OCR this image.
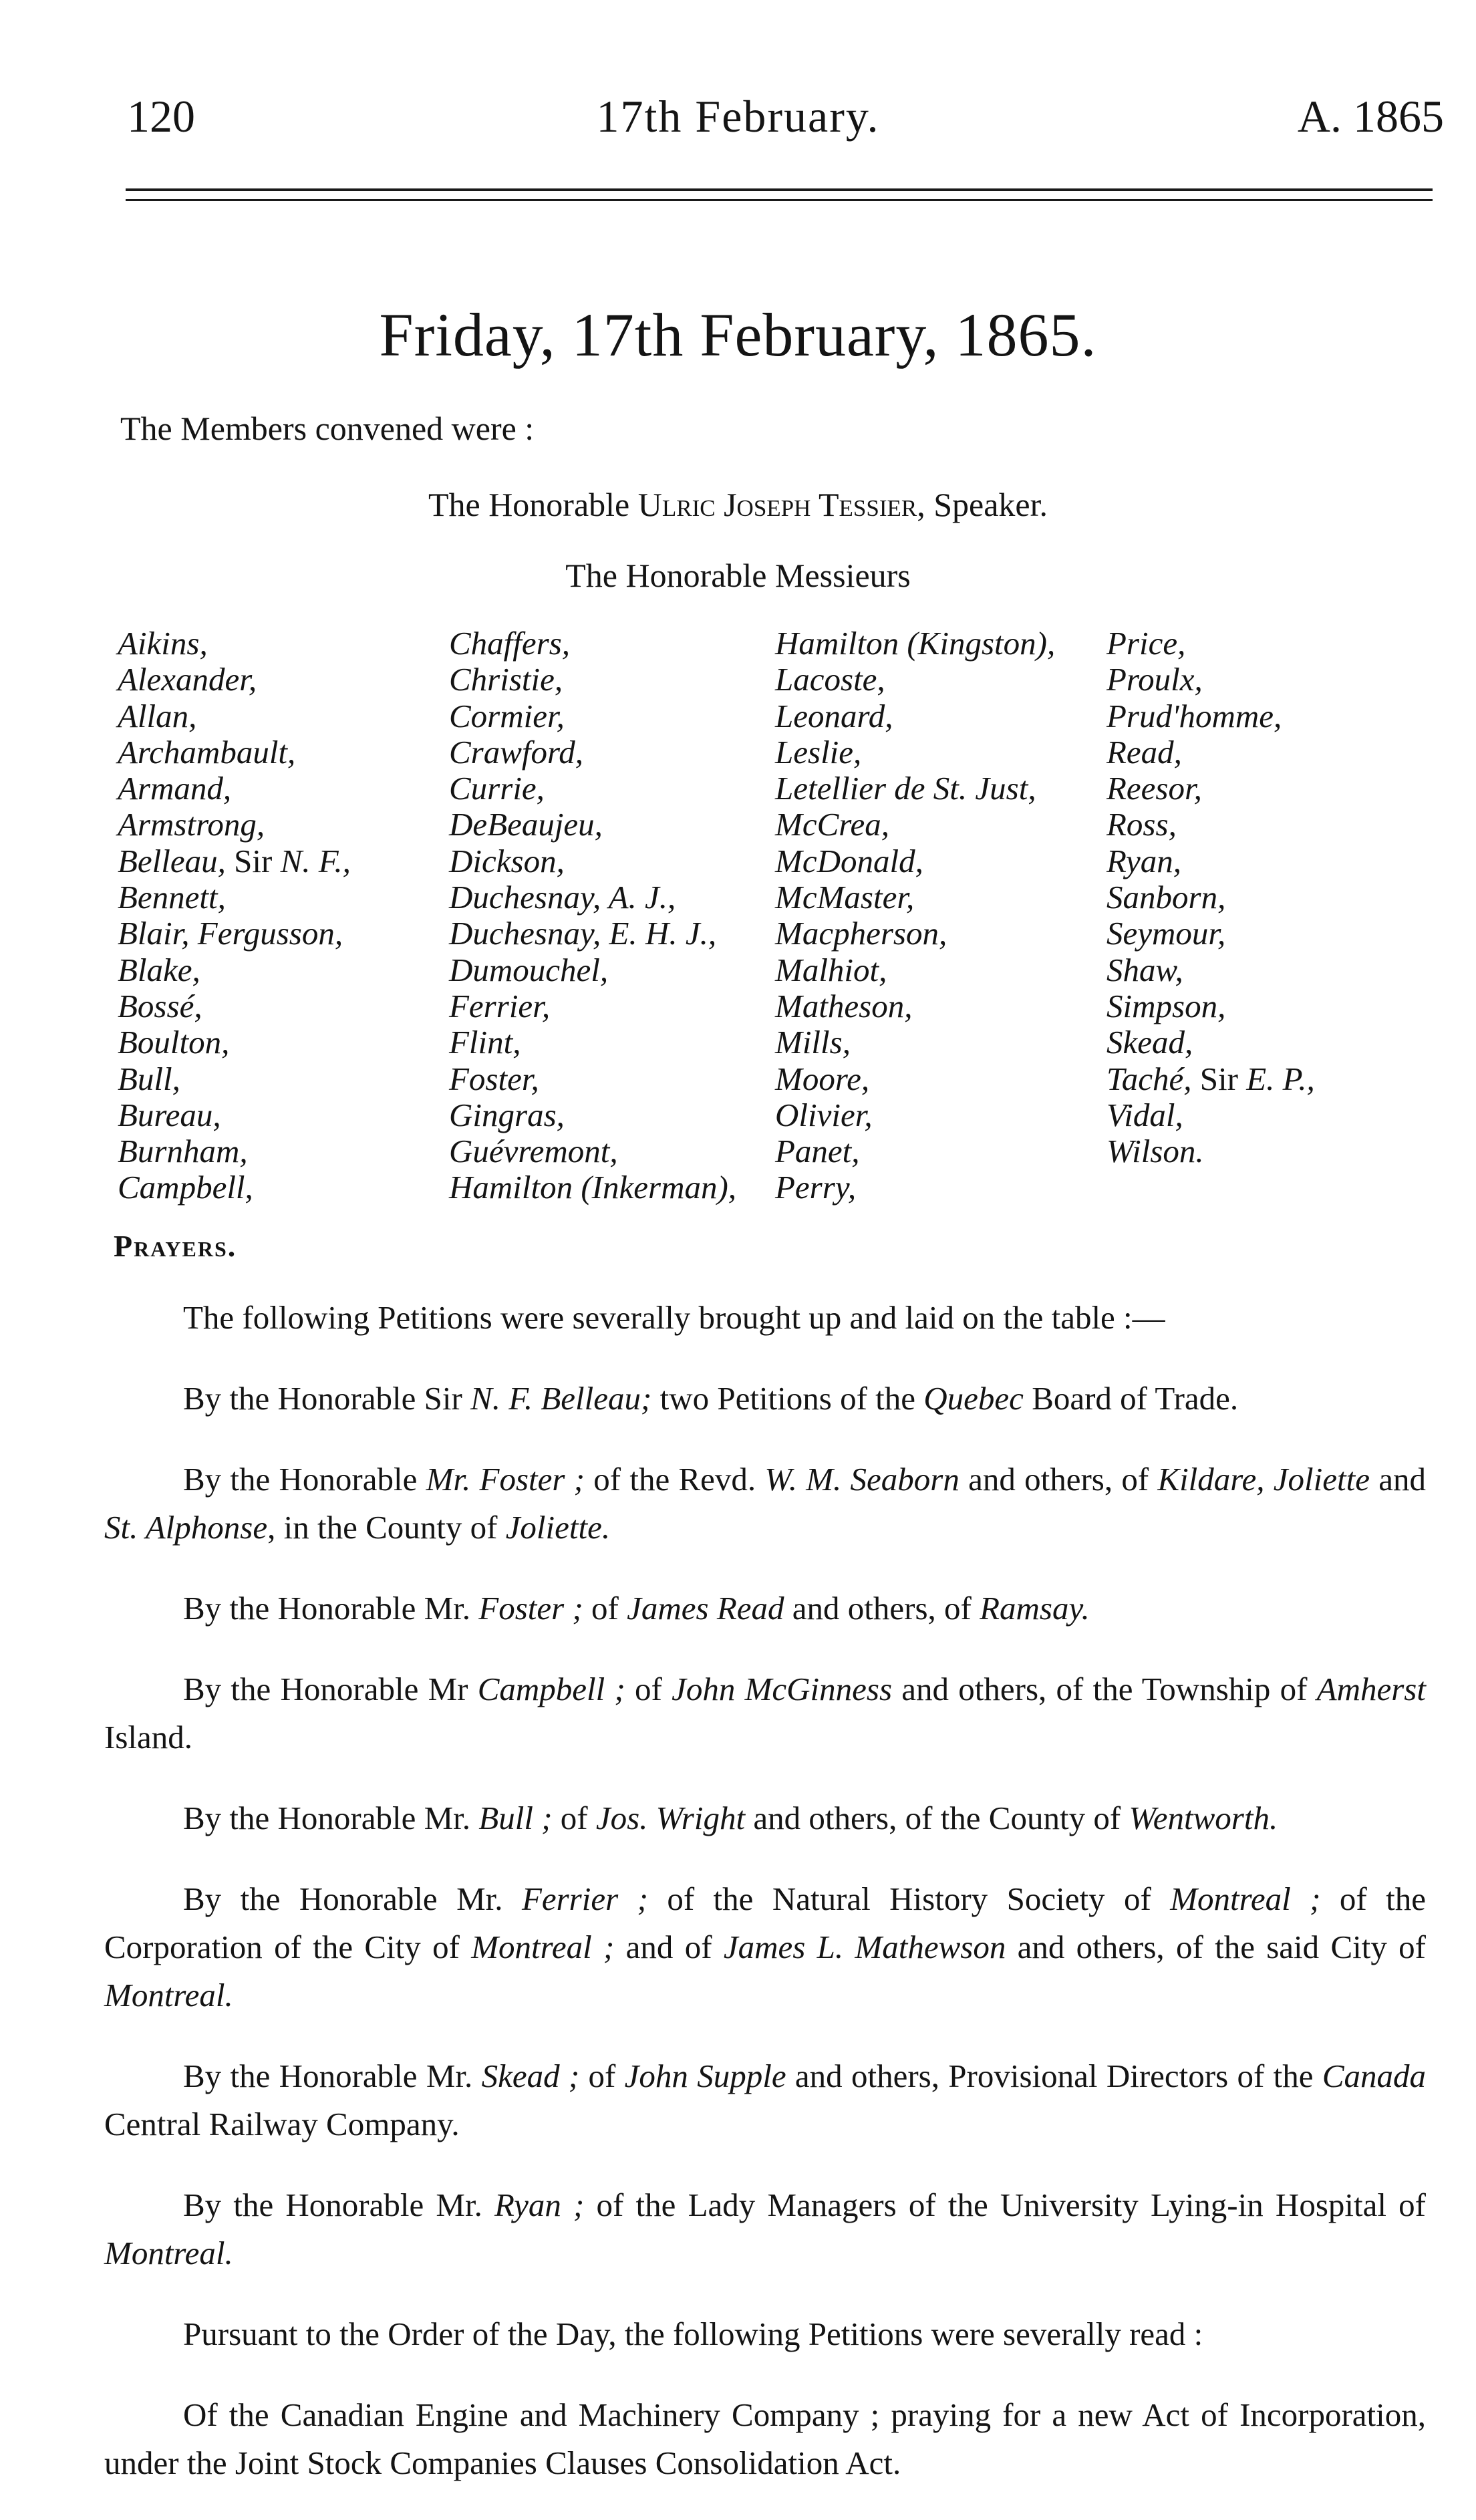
120	17th February.	A. 1865
Friday, 17th February, 1865.
The Members convened were :
The Honorable Ulric Joseph Tessier, Speaker.
The Honorable Messieurs
Aikins,
Alexander,
Allan,
Archambault,
Armand,
Armstrong,
Belleau, Sir N. F.,
Bennett,
Blair, Fergusson,
Blake,
Bossé,
Boulton,
Bull,
Bureau,
Burnham,
Campbell,
Chaffers,
Christie,
Cormier,
Crawford,
Currie,
DeBeaujeu,
Dickson,
Duchesnay, A. J.,
Duchesnay, E. H. J.,
Dumouchel,
Ferrier,
Flint,
Foster,
Gingras,
Guévremont,
Hamilton (Inkerman),
Hamilton (Kingston),
Lacoste,
Leonard,
Leslie,
Letellier de St. Just,
McCrea,
McDonald,
McMaster,
Macpherson,
Malhiot,
Matheson,
Mills,
Moore,
Olivier,
Panet,
Perry,
Price,
Proulx,
Prud'homme,
Read,
Reesor,
Ross,
Ryan,
Sanborn,
Seymour,
Shaw,
Simpson,
Skead,
Taché, Sir E. P.,
Vidal,
Wilson.
Prayers.

The following Petitions were severally brought up and laid on the table :—

By the Honorable Sir N. F. Belleau; two Petitions of the Quebec Board of Trade.

By the Honorable Mr. Foster ; of the Revd. W. M. Seaborn and others, of Kildare, Joliette and St. Alphonse, in the County of Joliette.

By the Honorable Mr. Foster ; of James Read and others, of Ramsay.

By the Honorable Mr Campbell ; of John McGinness and others, of the Township of Amherst Island.

By the Honorable Mr. Bull ; of Jos. Wright and others, of the County of Wentworth.

By the Honorable Mr. Ferrier ; of the Natural History Society of Montreal ; of the Corporation of the City of Montreal ; and of James L. Mathewson and others, of the said City of Montreal.

By the Honorable Mr. Skead ; of John Supple and others, Provisional Directors of the Canada Central Railway Company.

By the Honorable Mr. Ryan ; of the Lady Managers of the University Lying-in Hospital of Montreal.

Pursuant to the Order of the Day, the following Petitions were severally read :

Of the Canadian Engine and Machinery Company ; praying for a new Act of Incorporation, under the Joint Stock Companies Clauses Consolidation Act.
